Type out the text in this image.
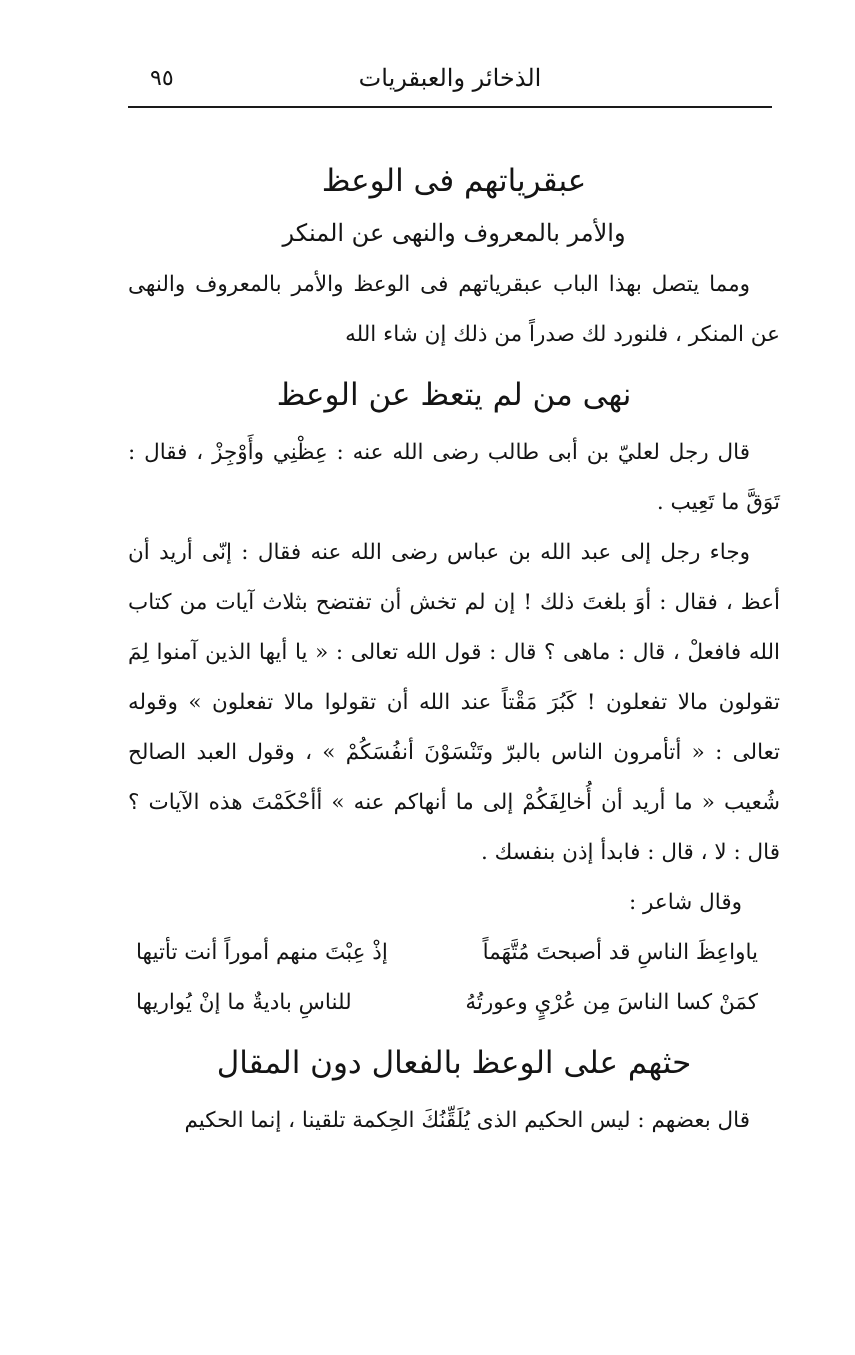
٩٥	الذخائر والعبقريات
عبقرياتهم فى الوعظ
والأمر بالمعروف والنهى عن المنكر

ومما يتصل بهذا الباب عبقرياتهم فى الوعظ والأمر بالمعروف والنهى عن المنكر ، فلنورد لك صدراً من ذلك إن شاء الله

نهى من لم يتعظ عن الوعظ

قال رجل لعليّ بن أبى طالب رضى الله عنه : عِظْنِي وأَوْجِزْ ، فقال : تَوَقَّ ما تَعِيب .

وجاء رجل إلى عبد الله بن عباس رضى الله عنه فقال : إنّى أريد أن أعظ ، فقال : أوَ بلغتَ ذلك ! إن لم تخش أن تفتضح بثلاث آيات من كتاب الله فافعلْ ، قال : ماهى ؟ قال : قول الله تعالى : « يا أيها الذين آمنوا لِمَ تقولون مالا تفعلون ! كَبُرَ مَقْتاً عند الله أن تقولوا مالا تفعلون » وقوله تعالى : « أتأمرون الناس بالبرّ وتَنْسَوْنَ أنفُسَكُمْ » ، وقول العبد الصالح شُعيب « ما أريد أن أُخالِفَكُمْ إلى ما أنهاكم عنه » أأحْكَمْتَ هذه الآيات ؟ قال : لا ، قال : فابدأ إذن بنفسك .

وقال شاعر :
ياواعِظَ الناسِ قد أصبحتَ مُتَّهَماً
إذْ عِبْتَ منهم أموراً أنت تأتيها
كمَنْ كسا الناسَ مِن عُرْيٍ وعورتُهُ
للناسِ باديةٌ ما إنْ يُواريها
حثهم على الوعظ بالفعال دون المقال

قال بعضهم : ليس الحكيم الذى يُلَقِّنُكَ الحِكمة تلقينا ، إنما الحكيم
